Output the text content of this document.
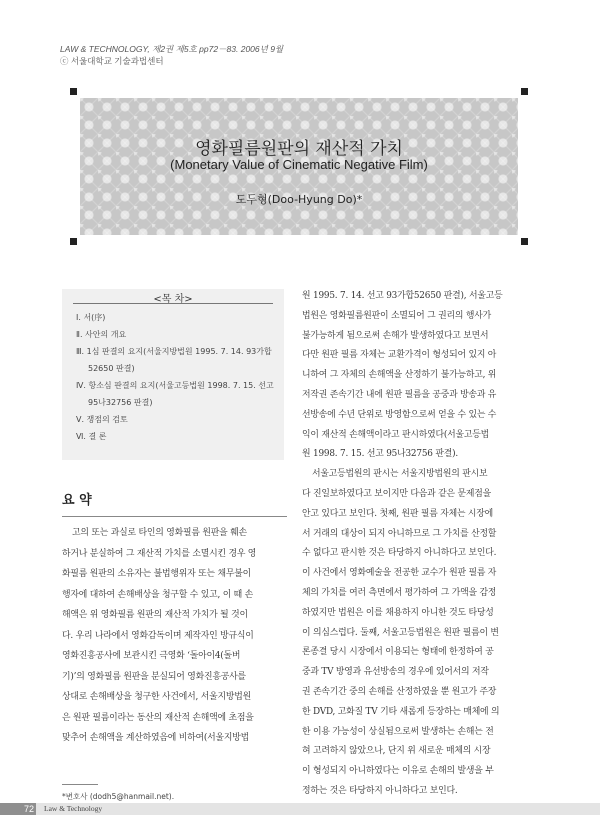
LAW & TECHNOLOGY, 제2권 제5호 pp72－83. 2006년 9월
ⓒ 서울대학교 기술과법센터
영화필름원판의 재산적 가치
(Monetary Value of Cinematic Negative Film)
도두형(Doo-Hyung Do)*
<목 차>
Ⅰ. 서(序)
Ⅱ. 사안의 개요
Ⅲ. 1심 판결의 요지(서울지방법원 1995. 7. 14. 93가합
52650 판결)
Ⅳ. 항소심 판결의 요지(서울고등법원 1998. 7. 15. 선고
95나32756 판결)
Ⅴ. 쟁점의 검토
Ⅵ. 결 론
요 약
고의 또는 과실로 타인의 영화필름 원판을 훼손
하거나 분실하여 그 재산적 가치를 소멸시킨 경우 영
화필름 원판의 소유자는 불법행위자 또는 채무불이
행자에 대하여 손해배상을 청구할 수 있고, 이 때 손
해액은 위 영화필름 원판의 재산적 가치가 될 것이
다. 우리 나라에서 영화감독이며 제작자인 방규식이
영화진흥공사에 보관시킨 극영화 ‘돌아이4(돌버
기)’의 영화필름 원판을 분실되어 영화진흥공사를
상대로 손해배상을 청구한 사건에서, 서울지방법원
은 원판 필름이라는 동산의 재산적 손해액에 초점을
맞추어 손해액을 계산하였음에 비하여(서울지방법
원 1995. 7. 14. 선고 93가합52650 판결), 서울고등
법원은 영화필름원판이 소멸되어 그 권리의 행사가
불가능하게 됨으로써 손해가 발생하였다고 보면서
다만 원판 필름 자체는 교환가격이 형성되어 있지 아
니하여 그 자체의 손해액을 산정하기 불가능하고, 위
저작권 존속기간 내에 원판 필름을 공중과 방송과 유
선방송에 수년 단위로 방영함으로써 얻을 수 있는 수
익이 재산적 손해액이라고 판시하였다(서울고등법
원 1998. 7. 15. 선고 95나32756 판결).
서울고등법원의 판시는 서울지방법원의 판시보
다 진일보하였다고 보이지만 다음과 같은 문제점을
안고 있다고 보인다. 첫째, 원판 필름 자체는 시장에
서 거래의 대상이 되지 아니하므로 그 가치를 산정할
수 없다고 판시한 것은 타당하지 아니하다고 보인다.
이 사건에서 영화예술을 전공한 교수가 원판 필름 자
체의 가치를 여러 측면에서 평가하여 그 가액을 감정
하였지만 법원은 이를 채용하지 아니한 것도 타당성
이 의심스럽다. 둘째, 서울고등법원은 원판 필름이 변
론종결 당시 시장에서 이용되는 형태에 한정하여 공
중과 TV 방영과 유선방송의 경우에 있어서의 저작
권 존속기간 중의 손해를 산정하였을 뿐 원고가 주장
한 DVD, 고화질 TV 기타 새롭게 등장하는 매체에 의
한 이용 가능성이 상실됨으로써 발생하는 손해는 전
혀 고려하지 않았으나, 단지 위 새로운 매체의 시장
이 형성되지 아니하였다는 이유로 손해의 발생을 부
정하는 것은 타당하지 아니하다고 보인다.
*변호사 (dodh5@hanmail.net).
72 Law & Technology
